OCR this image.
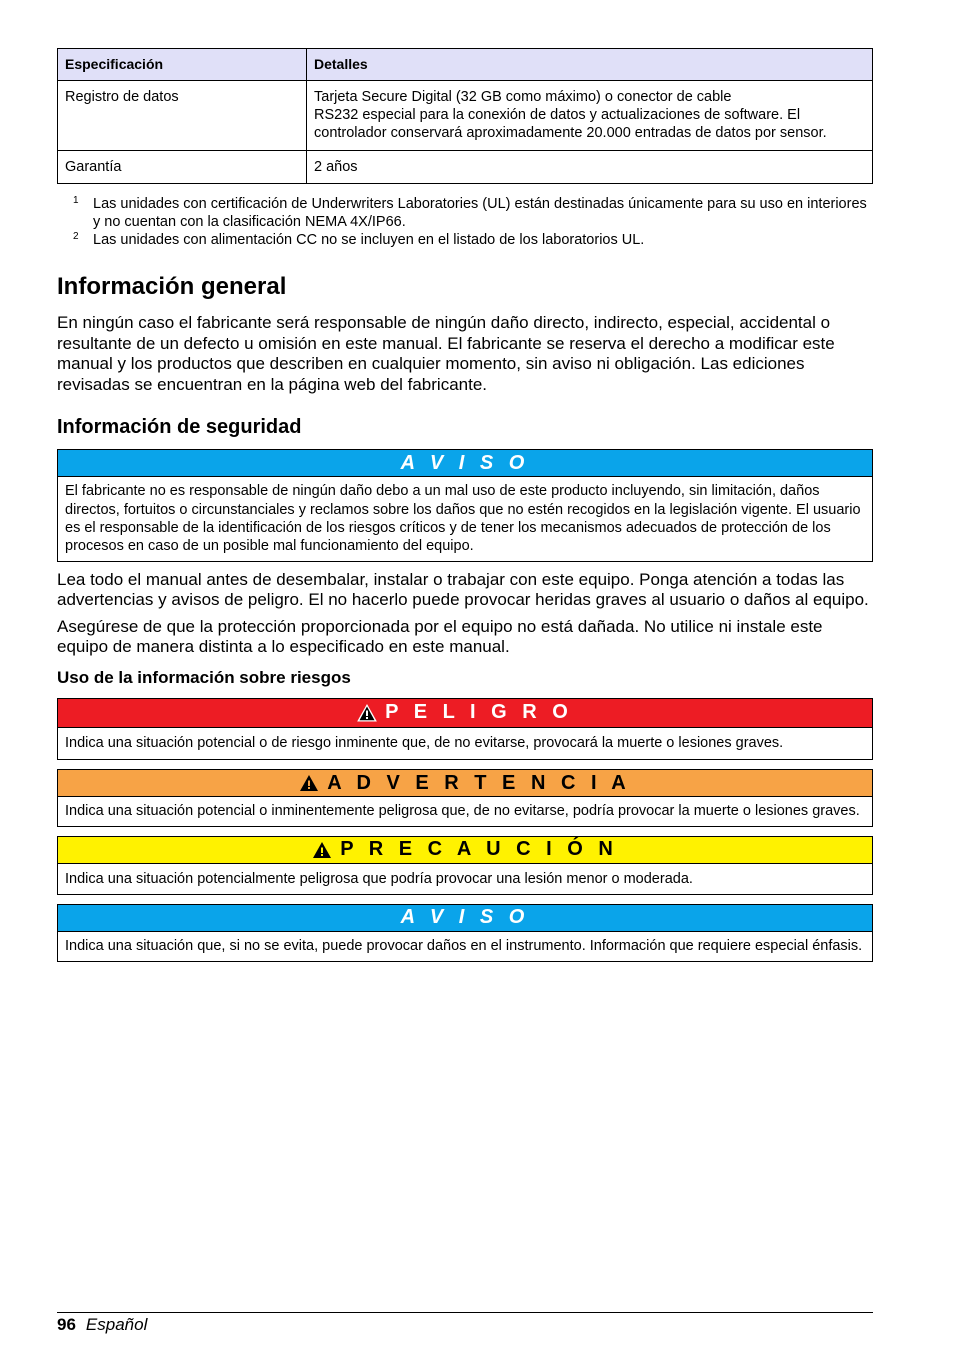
Especificación	Detalles
Registro de datos	Tarjeta Secure Digital (32 GB como máximo) o conector de cable
RS232 especial para la conexión de datos y actualizaciones de software. El controlador conservará aproximadamente 20.000 entradas de datos por sensor.
Garantía	2 años
1 Las unidades con certificación de Underwriters Laboratories (UL) están destinadas únicamente para su uso en interiores y no cuentan con la clasificación NEMA 4X/IP66.
2 Las unidades con alimentación CC no se incluyen en el listado de los laboratorios UL.
Información general

En ningún caso el fabricante será responsable de ningún daño directo, indirecto, especial, accidental o resultante de un defecto u omisión en este manual. El fabricante se reserva el derecho a modificar este manual y los productos que describen en cualquier momento, sin aviso ni obligación. Las ediciones revisadas se encuentran en la página web del fabricante.

Información de seguridad
A V I S O
El fabricante no es responsable de ningún daño debo a un mal uso de este producto incluyendo, sin limitación, daños directos, fortuitos o circunstanciales y reclamos sobre los daños que no estén recogidos en la legislación vigente. El usuario es el responsable de la identificación de los riesgos críticos y de tener los mecanismos adecuados de protección de los procesos en caso de un posible mal funcionamiento del equipo.

Lea todo el manual antes de desembalar, instalar o trabajar con este equipo. Ponga atención a todas las advertencias y avisos de peligro. El no hacerlo puede provocar heridas graves al usuario o daños al equipo.

Asegúrese de que la protección proporcionada por el equipo no está dañada. No utilice ni instale este equipo de manera distinta a lo especificado en este manual.

Uso de la información sobre riesgos
P E L I G R O
Indica una situación potencial o de riesgo inminente que, de no evitarse, provocará la muerte o lesiones graves.
A D V E R T E N C I A
Indica una situación potencial o inminentemente peligrosa que, de no evitarse, podría provocar la muerte o lesiones graves.
P R E C A U C I Ó N
Indica una situación potencialmente peligrosa que podría provocar una lesión menor o moderada.
A V I S O
Indica una situación que, si no se evita, puede provocar daños en el instrumento. Información que requiere especial énfasis.
96 Español
